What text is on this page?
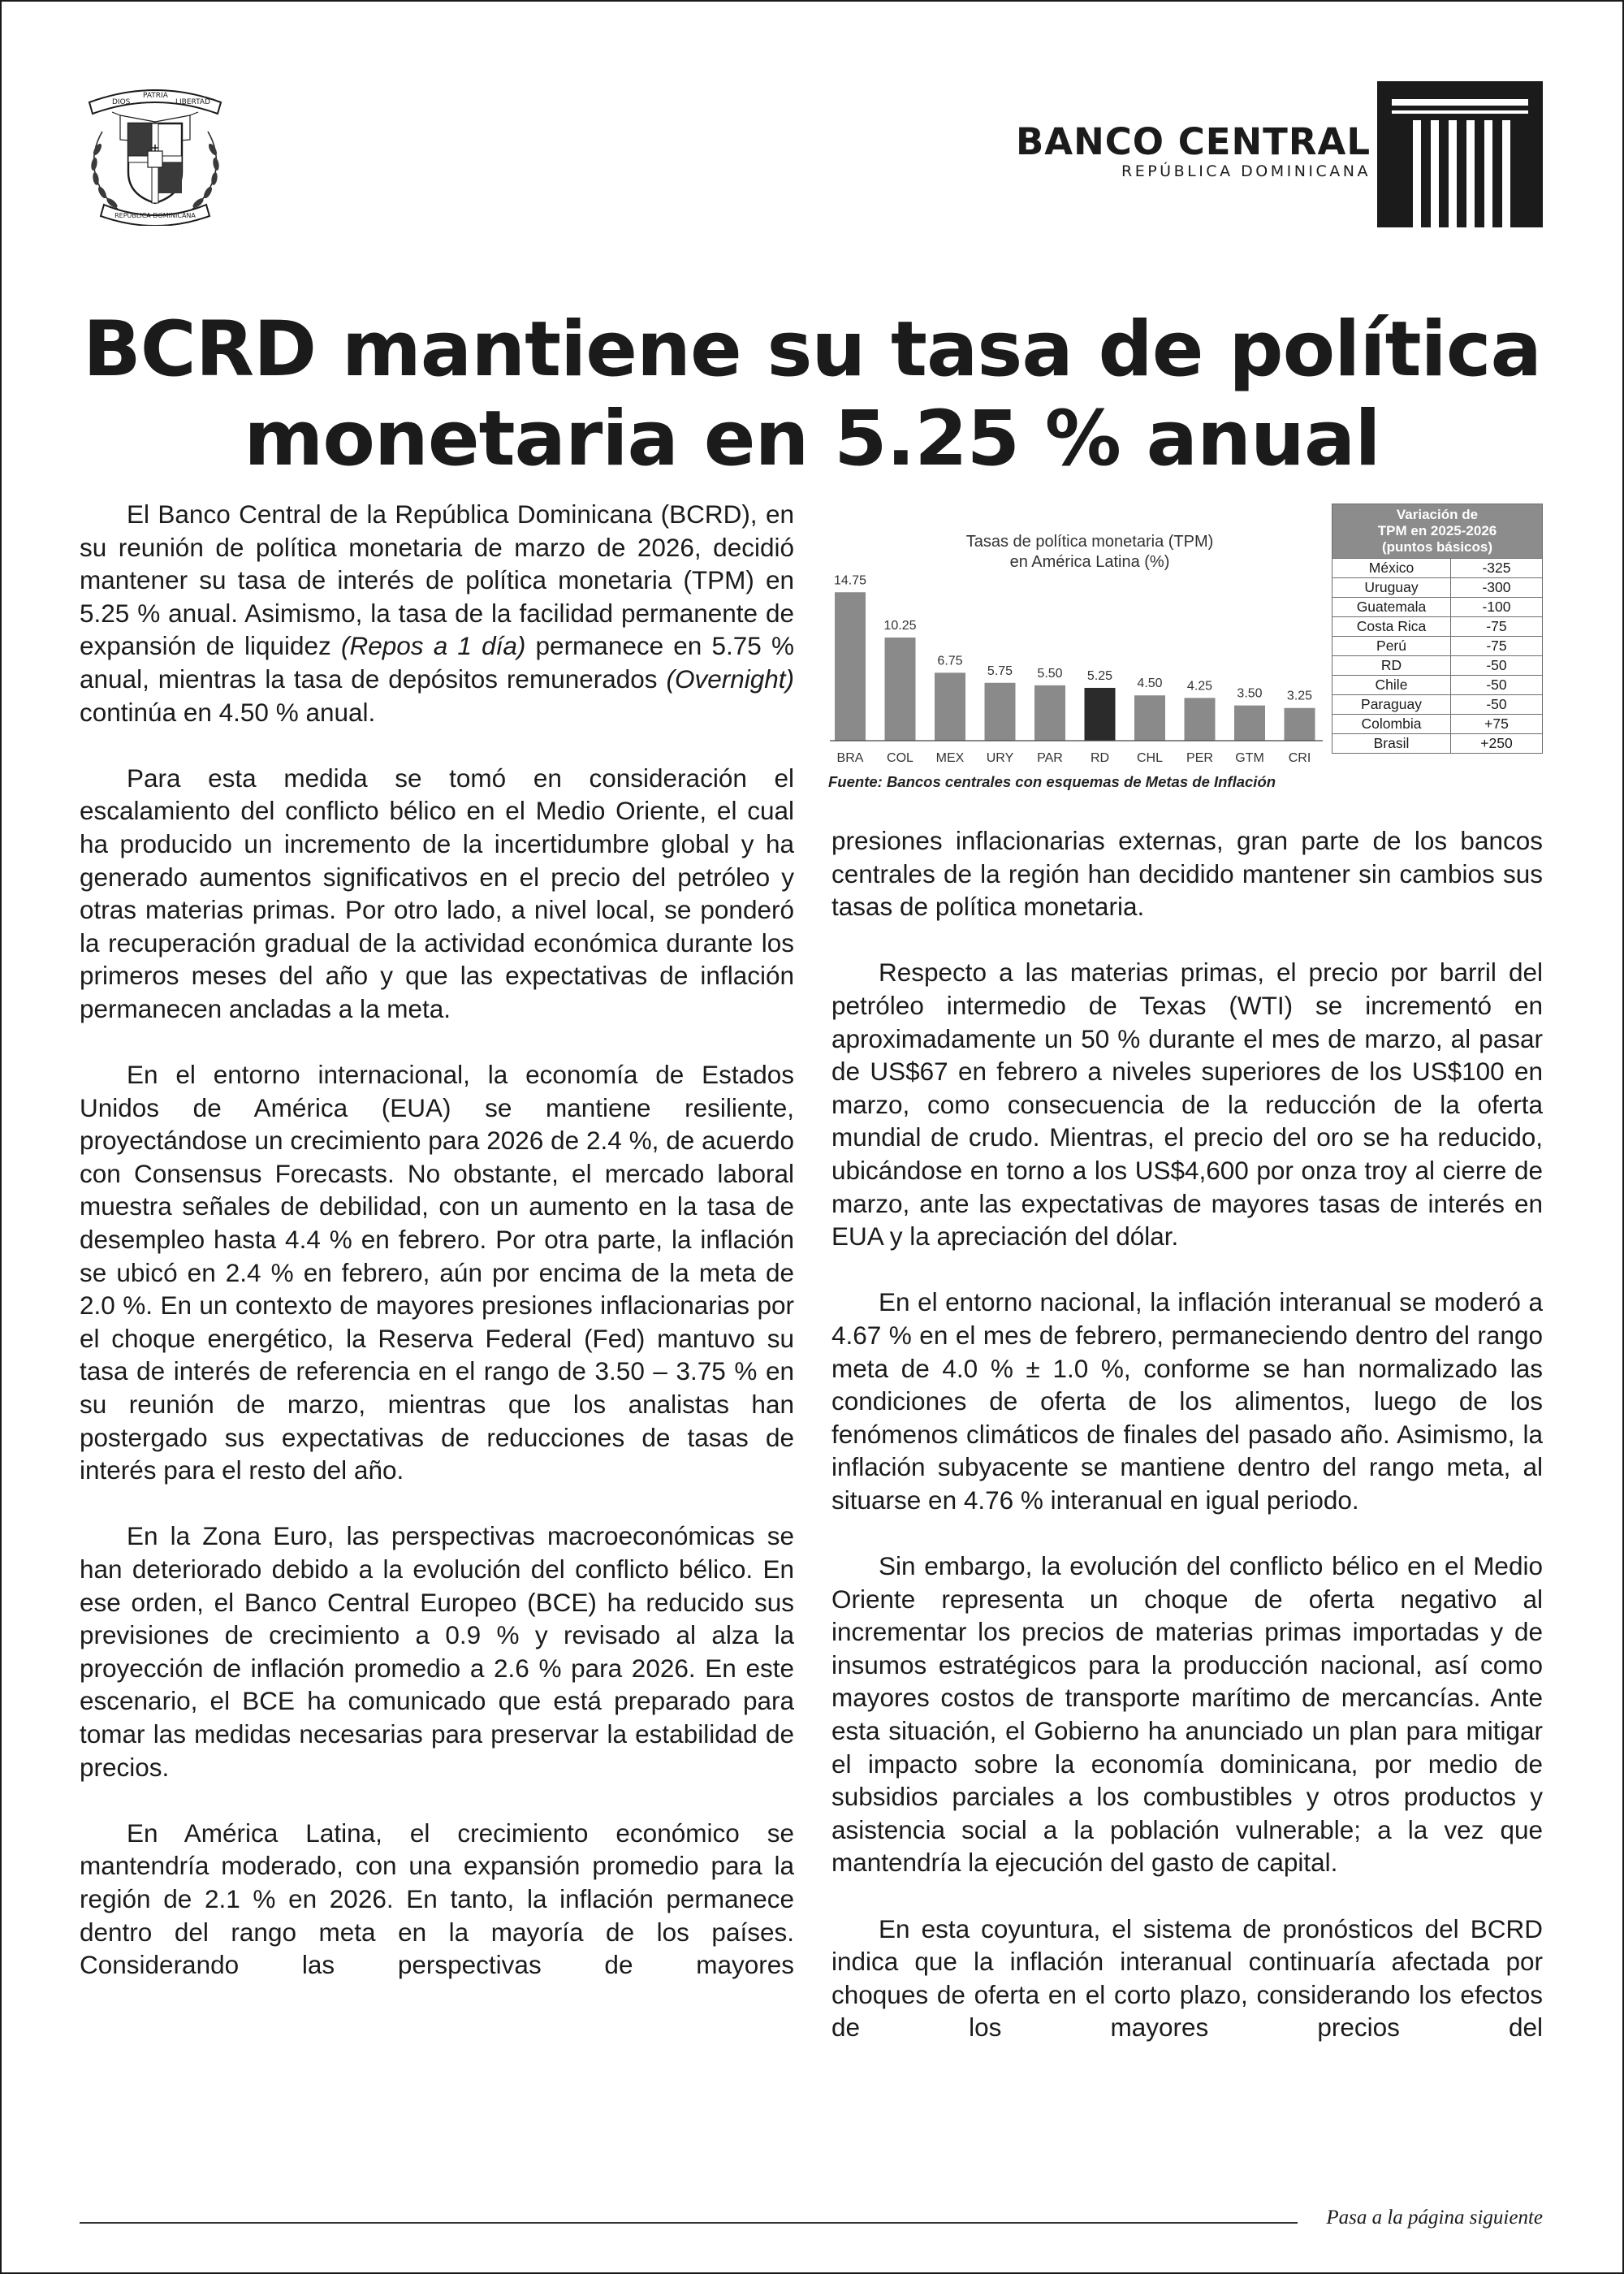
DIOS
PATRIA
LIBERTAD
REPÚBLICA DOMINICANA
BANCO CENTRAL
REPÚBLICA DOMINICANA
BCRD mantiene su tasa de política
monetaria en 5.25 % anual

El Banco Central de la República Dominicana (BCRD), en su reunión de política monetaria de marzo de 2026, decidió mantener su tasa de interés de política monetaria (TPM) en 5.25 % anual. Asimismo, la tasa de la facilidad permanente de expansión de liquidez (Repos a 1 día) permanece en 5.75 % anual, mientras la tasa de depósitos remunerados (Overnight) continúa en 4.50 % anual.

Para esta medida se tomó en consideración el escalamiento del conflicto bélico en el Medio Oriente, el cual ha producido un incremento de la incertidumbre global y ha generado aumentos significativos en el precio del petróleo y otras materias primas. Por otro lado, a nivel local, se ponderó la recuperación gradual de la actividad económica durante los primeros meses del año y que las expectativas de inflación permanecen ancladas a la meta.

En el entorno internacional, la economía de Estados Unidos de América (EUA) se mantiene resiliente, proyectándose un crecimiento para 2026 de 2.4 %, de acuerdo con Consensus Forecasts. No obstante, el mercado laboral muestra señales de debilidad, con un aumento en la tasa de desempleo hasta 4.4 % en febrero. Por otra parte, la inflación se ubicó en 2.4 % en febrero, aún por encima de la meta de 2.0 %. En un contexto de mayores presiones inflacionarias por el choque energético, la Reserva Federal (Fed) mantuvo su tasa de interés de referencia en el rango de 3.50 – 3.75 % en su reunión de marzo, mientras que los analistas han postergado sus expectativas de reducciones de tasas de interés para el resto del año.

En la Zona Euro, las perspectivas macroeconómicas se han deteriorado debido a la evolución del conflicto bélico. En ese orden, el Banco Central Europeo (BCE) ha reducido sus previsiones de crecimiento a 0.9 % y revisado al alza la proyección de inflación promedio a 2.6 % para 2026. En este escenario, el BCE ha comunicado que está preparado para tomar las medidas necesarias para preservar la estabilidad de precios.

En América Latina, el crecimiento económico se mantendría moderado, con una expansión promedio para la región de 2.1 % en 2026. En tanto, la inflación permanece dentro del rango meta en la mayoría de los países. Considerando las perspectivas de mayores

Tasas de política monetaria (TPM)
en América Latina (%)
14.75
BRA
10.25
COL
6.75
MEX
5.75
URY
5.50
PAR
5.25
RD
4.50
CHL
4.25
PER
3.50
GTM
3.25
CRI
Fuente: Bancos centrales con esquemas de Metas de Inflación
Variación de
TPM en 2025-2026
(puntos básicos)	

México	-325
Uruguay	-300
Guatemala	-100
Costa Rica	-75
Perú	-75
RD	-50
Chile	-50
Paraguay	-50
Colombia	+75
Brasil	+250

presiones inflacionarias externas, gran parte de los bancos centrales de la región han decidido mantener sin cambios sus tasas de política monetaria.

Respecto a las materias primas, el precio por barril del petróleo intermedio de Texas (WTI) se incrementó en aproximadamente un 50 % durante el mes de marzo, al pasar de US$67 en febrero a niveles superiores de los US$100 en marzo, como consecuencia de la reducción de la oferta mundial de crudo. Mientras, el precio del oro se ha reducido, ubicándose en torno a los US$4,600 por onza troy al cierre de marzo, ante las expectativas de mayores tasas de interés en EUA y la apreciación del dólar.

En el entorno nacional, la inflación interanual se moderó a 4.67 % en el mes de febrero, permaneciendo dentro del rango meta de 4.0 % ± 1.0 %, conforme se han normalizado las condiciones de oferta de los alimentos, luego de los fenómenos climáticos de finales del pasado año. Asimismo, la inflación subyacente se mantiene dentro del rango meta, al situarse en 4.76 % interanual en igual periodo.

Sin embargo, la evolución del conflicto bélico en el Medio Oriente representa un choque de oferta negativo al incrementar los precios de materias primas importadas y de insumos estratégicos para la producción nacional, así como mayores costos de transporte marítimo de mercancías. Ante esta situación, el Gobierno ha anunciado un plan para mitigar el impacto sobre la economía dominicana, por medio de subsidios parciales a los combustibles y otros productos y asistencia social a la población vulnerable; a la vez que mantendría la ejecución del gasto de capital.

En esta coyuntura, el sistema de pronósticos del BCRD indica que la inflación interanual continuaría afectada por choques de oferta en el corto plazo, considerando los efectos de los mayores precios del

Pasa a la página siguiente
